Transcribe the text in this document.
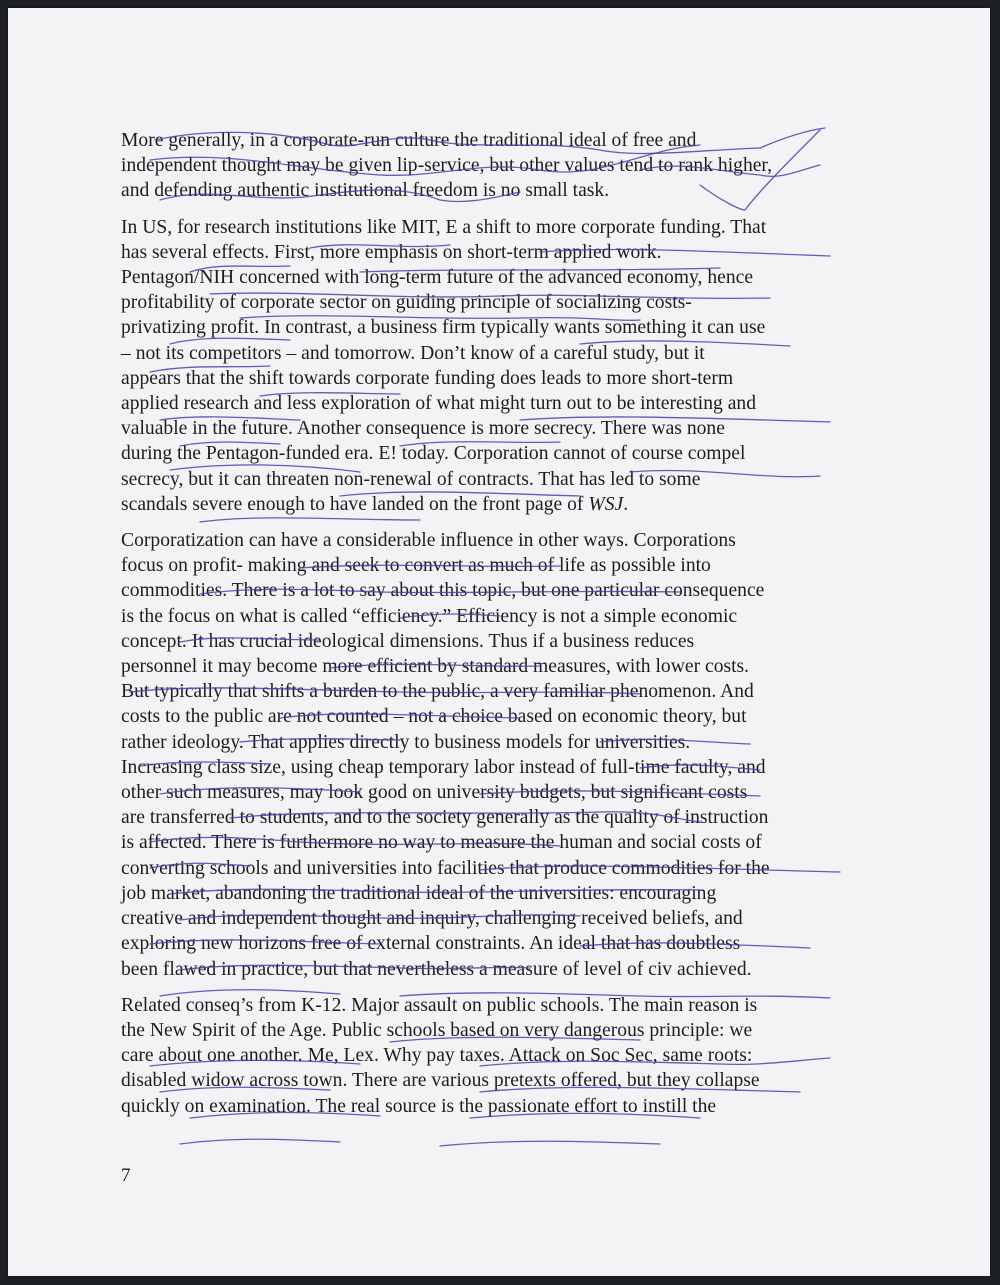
More generally, in a corporate-run culture the traditional ideal of free and
independent thought may be given lip-service, but other values tend to rank higher,
and defending authentic institutional freedom is no small task.

In US, for research institutions like MIT, E a shift to more corporate funding. That
has several effects. First, more emphasis on short-term applied work.
Pentagon/NIH concerned with long-term future of the advanced economy, hence
profitability of corporate sector on guiding principle of socializing costs-
privatizing profit. In contrast, a business firm typically wants something it can use
– not its competitors – and tomorrow. Don’t know of a careful study, but it
appears that the shift towards corporate funding does leads to more short-term
applied research and less exploration of what might turn out to be interesting and
valuable in the future. Another consequence is more secrecy. There was none
during the Pentagon-funded era. E! today. Corporation cannot of course compel
secrecy, but it can threaten non-renewal of contracts. That has led to some
scandals severe enough to have landed on the front page of WSJ.

Corporatization can have a considerable influence in other ways. Corporations
focus on profit- making and seek to convert as much of life as possible into
commodities. There is a lot to say about this topic, but one particular consequence
is the focus on what is called “efficiency.” Efficiency is not a simple economic
concept. It has crucial ideological dimensions. Thus if a business reduces
personnel it may become more efficient by standard measures, with lower costs.
But typically that shifts a burden to the public, a very familiar phenomenon. And
costs to the public are not counted – not a choice based on economic theory, but
rather ideology. That applies directly to business models for universities.
Increasing class size, using cheap temporary labor instead of full-time faculty, and
other such measures, may look good on university budgets, but significant costs
are transferred to students, and to the society generally as the quality of instruction
is affected. There is furthermore no way to measure the human and social costs of
converting schools and universities into facilities that produce commodities for the
job market, abandoning the traditional ideal of the universities: encouraging
creative and independent thought and inquiry, challenging received beliefs, and
exploring new horizons free of external constraints. An ideal that has doubtless
been flawed in practice, but that nevertheless a measure of level of civ achieved.

Related conseq’s from K-12. Major assault on public schools. The main reason is
the New Spirit of the Age. Public schools based on very dangerous principle: we
care about one another. Me, Lex. Why pay taxes. Attack on Soc Sec, same roots:
disabled widow across town. There are various pretexts offered, but they collapse
quickly on examination. The real source is the passionate effort to instill the

7
